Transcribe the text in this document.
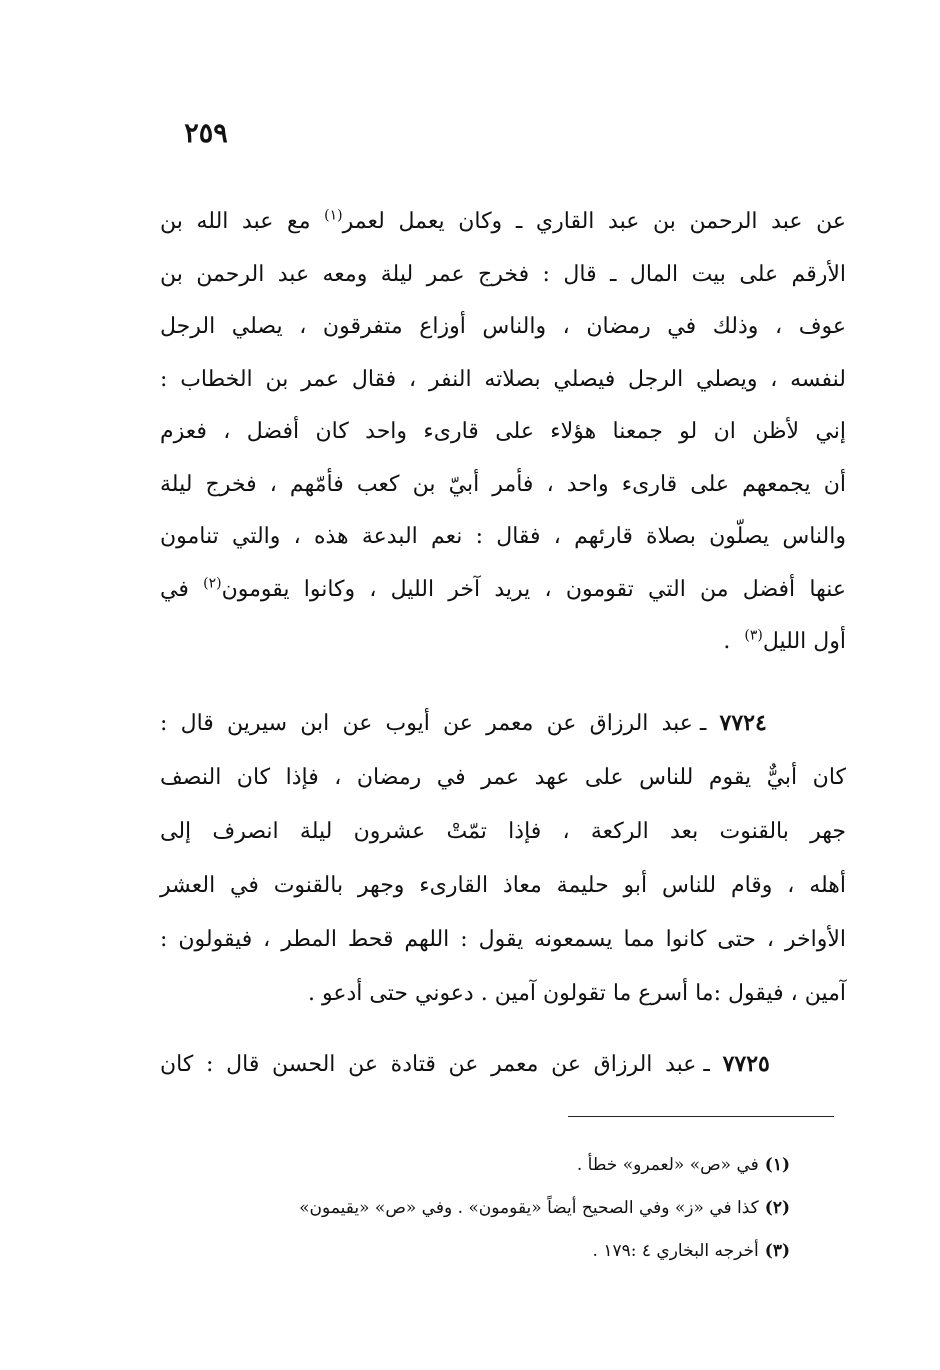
٢٥٩
عن عبد الرحمن بن عبد القاري ـ وكان يعمل لعمر$^{(١)}$ مع عبد الله بن
الأرقم على بيت المال ـ قال : فخرج عمر ليلة ومعه عبد الرحمن بن
عوف ، وذلك في رمضان ، والناس أوزاع متفرقون ، يصلي الرجل
لنفسه ، ويصلي الرجل فيصلي بصلاته النفر ، فقال عمر بن الخطاب :
إني لأظن ان لو جمعنا هؤلاء على قارىء واحد كان أفضل ، فعزم
أن يجمعهم على قارىء واحد ، فأمر أبيّ بن كعب فأمّهم ، فخرج ليلة
والناس يصلّون بصلاة قارئهم ، فقال : نعم البدعة هذه ، والتي تنامون
عنها أفضل من التي تقومون ، يريد آخر الليل ، وكانوا يقومون$^{(٢)}$ في
أول الليل$^{(٣)}$  .
٧٧٢٤ ـ عبد الرزاق عن معمر عن أيوب عن ابن سيرين قال :
كان أبيٌّ يقوم للناس على عهد عمر في رمضان ، فإذا كان النصف
جهر بالقنوت بعد الركعة ، فإذا تمّتْ عشرون ليلة انصرف إلى
أهله ، وقام للناس أبو حليمة معاذ القارىء وجهر بالقنوت في العشر
الأواخر ، حتى كانوا مما يسمعونه يقول : اللهم قحط المطر ، فيقولون :
آمين ، فيقول :ما أسرع ما تقولون آمين . دعوني حتى أدعو .
٧٧٢٥ ـ عبد الرزاق عن معمر عن قتادة عن الحسن قال : كان
(١)في «ص» «لعمرو» خطأ .
(٢)كذا في «ز» وفي الصحيح أيضاً «يقومون» . وفي «ص» «يقيمون»
(٣)أخرجه البخاري ٤ :١٧٩ .
